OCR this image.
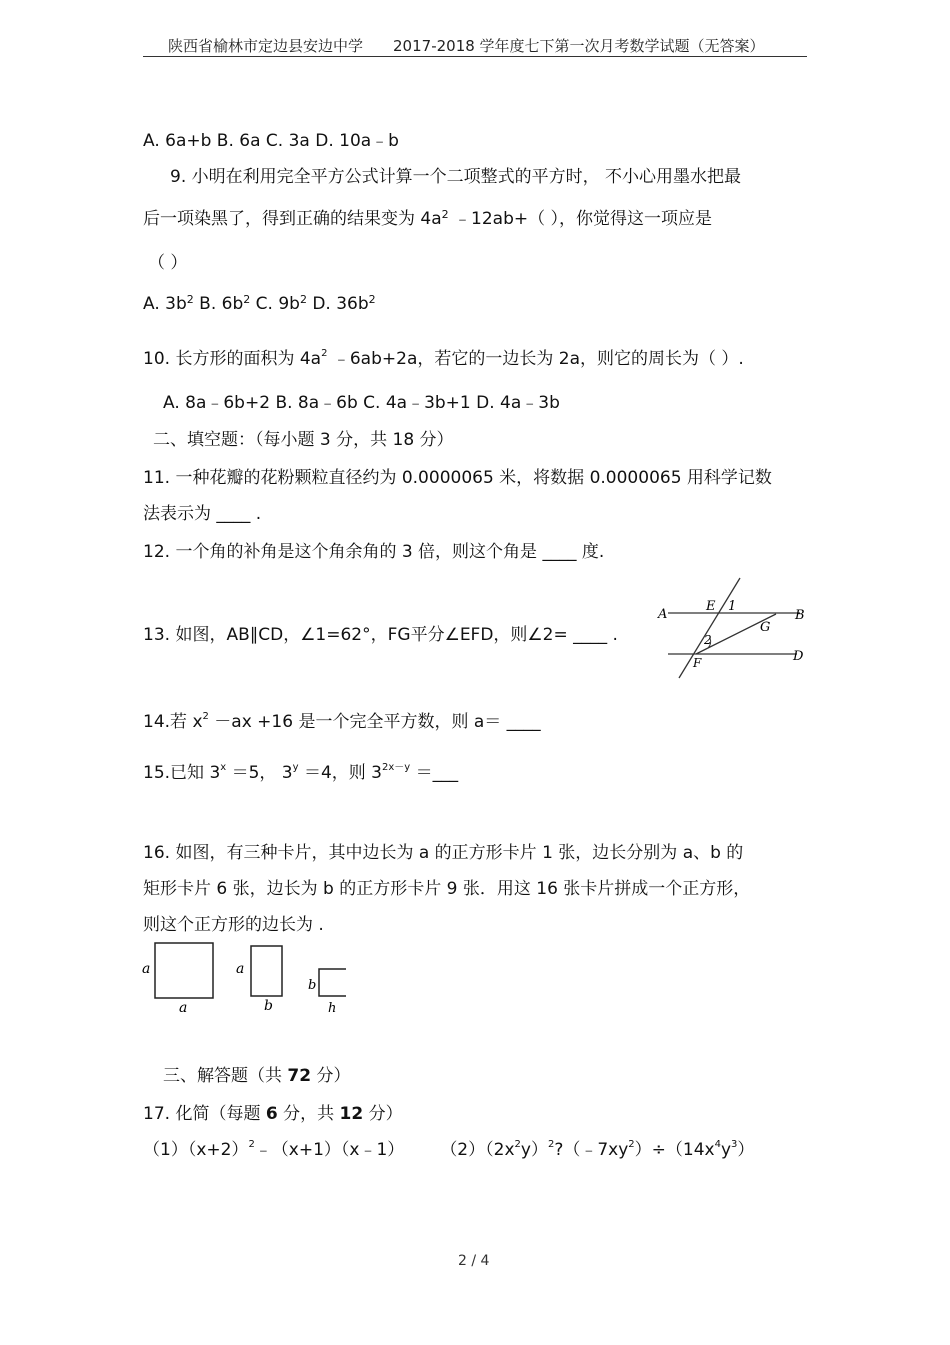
陕西省榆林市定边县安边中学 2017-2018 学年度七下第一次月考数学试题（无答案）
A. 6a+b B. 6a C. 3a D. 10a﹣b
9. 小明在利用完全平方公式计算一个二项整式的平方时， 不小心用墨水把最
后一项染黑了，得到正确的结果变为 $4a^2$ ﹣12ab+（ ），你觉得这一项应是
（ ）
A. $3b^2$ B. $6b^2$ C. $9b^2$ D. $36b^2$
10. 长方形的面积为 $4a^2$ ﹣6ab+2a，若它的一边长为 2a，则它的周长为（ ）.
A. 8a﹣6b+2 B. 8a﹣6b C. 4a﹣3b+1 D. 4a﹣3b
二、填空题：（每小题 3 分，共 18 分）
11. 一种花瓣的花粉颗粒直径约为 0.0000065 米，将数据 0.0000065 用科学记数
法表示为 ____ .
12. 一个角的补角是这个角余角的 3 倍，则这个角是 ____ 度.
13. 如图，AB∥CD，∠1=62°，FG平分∠EFD，则∠2= ____ .
A	B
D
E 1
G
2
F
14.若 $x^2 -ax +16$ 是一个完全平方数，则 a＝ ____
15.已知 $3^x =5$， $3^y =4$，则 $3^{2x-y}$ ＝___
16. 如图，有三种卡片，其中边长为 a 的正方形卡片 1 张，边长分别为 a、b 的
矩形卡片 6 张，边长为 b 的正方形卡片 9 张．用这 16 张卡片拼成一个正方形，
则这个正方形的边长为 .
a
a
a
b
b
h
三、解答题（共 72 分）
17. 化简（每题 6 分，共 12 分）
$(1)(x+2)^2﹣(x+1)(x﹣1)$ $(2)(2x^2y)^2?(﹣7xy^2)\div(14x^4y^3)$
2 / 4
